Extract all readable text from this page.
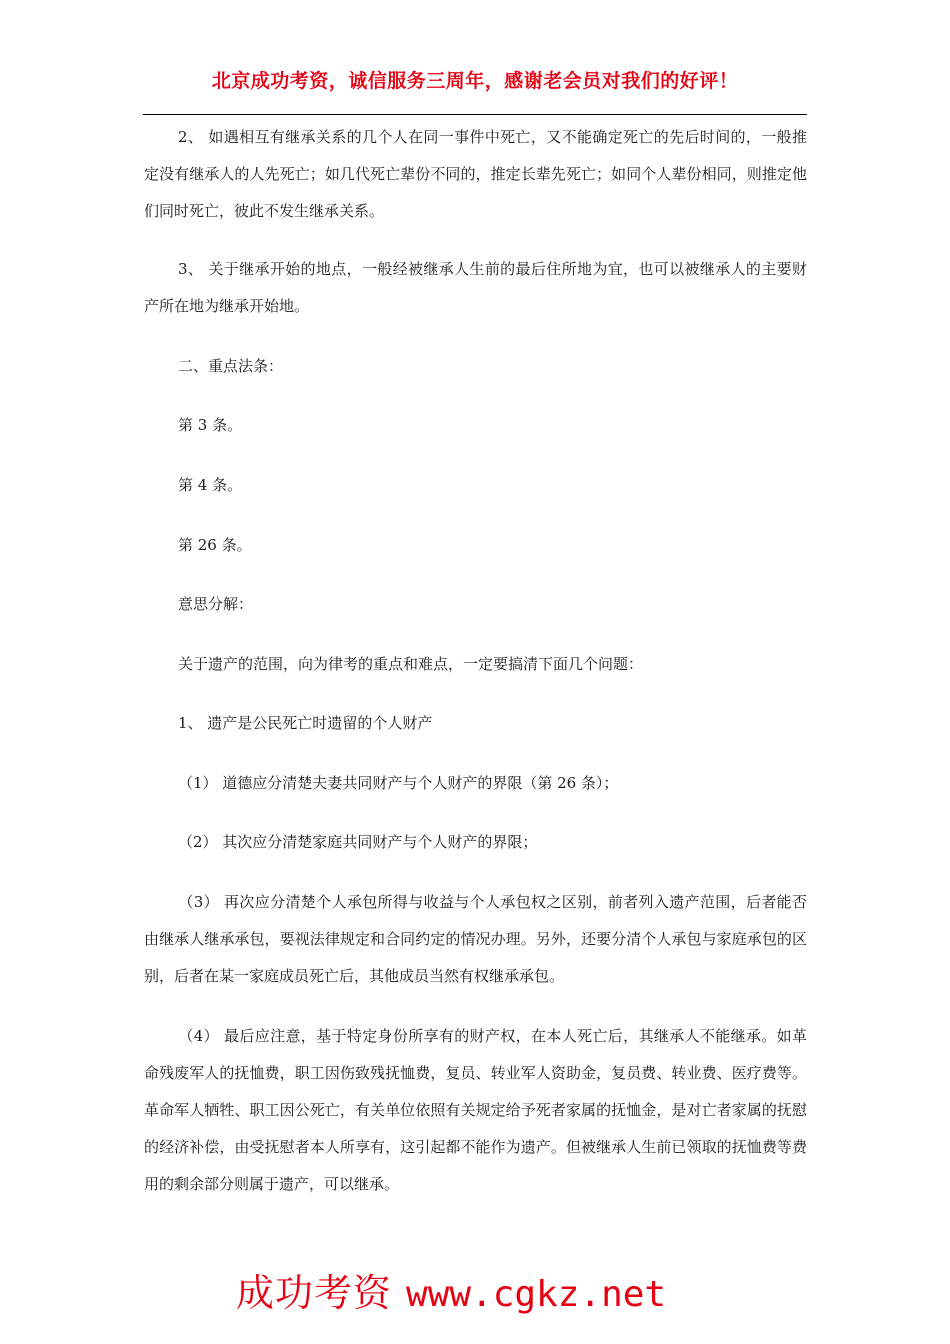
北京成功考资，诚信服务三周年，感谢老会员对我们的好评！

2、 如遇相互有继承关系的几个人在同一事件中死亡，又不能确定死亡的先后时间的，一般推定没有继承人的人先死亡；如几代死亡辈份不同的，推定长辈先死亡；如同个人辈份相同，则推定他们同时死亡，彼此不发生继承关系。

3、 关于继承开始的地点，一般经被继承人生前的最后住所地为宜，也可以被继承人的主要财产所在地为继承开始地。

二、重点法条：

第 3 条。

第 4 条。

第 26 条。

意思分解：

关于遗产的范围，向为律考的重点和难点，一定要搞清下面几个问题：

1、 遗产是公民死亡时遗留的个人财产

（1） 道德应分清楚夫妻共同财产与个人财产的界限（第 26 条）；

（2） 其次应分清楚家庭共同财产与个人财产的界限；

（3） 再次应分清楚个人承包所得与收益与个人承包权之区别，前者列入遗产范围，后者能否由继承人继承承包，要视法律规定和合同约定的情况办理。另外，还要分清个人承包与家庭承包的区别，后者在某一家庭成员死亡后，其他成员当然有权继承承包。

（4） 最后应注意，基于特定身份所享有的财产权，在本人死亡后，其继承人不能继承。如革命残废军人的抚恤费，职工因伤致残抚恤费，复员、转业军人资助金，复员费、转业费、医疗费等。革命军人牺牲、职工因公死亡，有关单位依照有关规定给予死者家属的抚恤金，是对亡者家属的抚慰的经济补偿，由受抚慰者本人所享有，这引起都不能作为遗产。但被继承人生前已领取的抚恤费等费用的剩余部分则属于遗产，可以继承。

成功考资 www.cgkz.net
